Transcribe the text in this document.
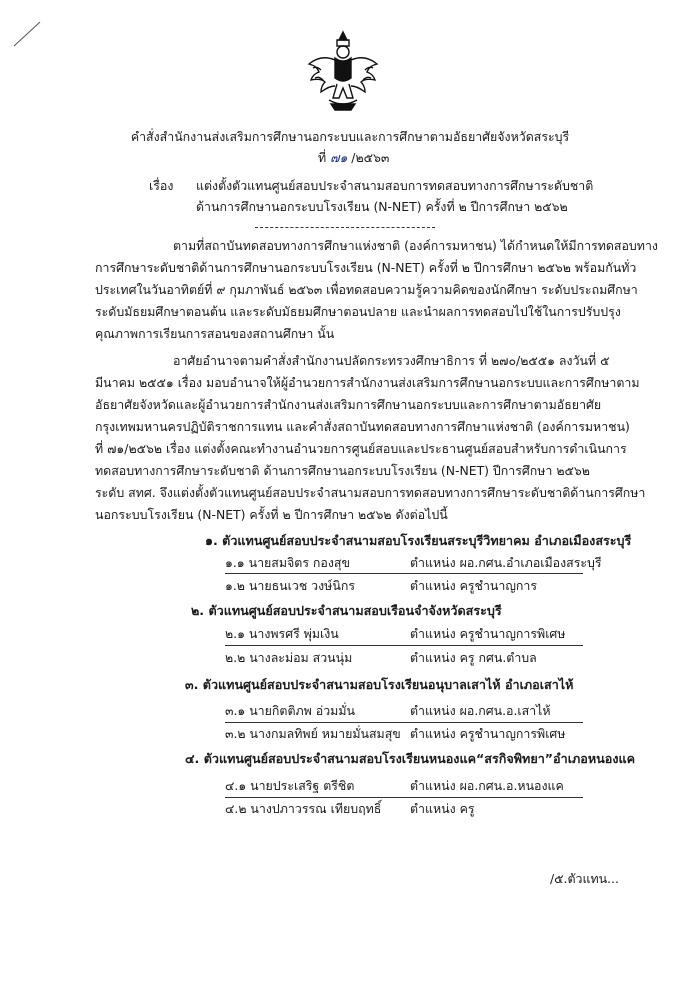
คำสั่งสำนักงานส่งเสริมการศึกษานอกระบบและการศึกษาตามอัธยาศัยจังหวัดสระบุรี
ที่ ๗๑ /๒๕๖๓
เรื่อง แต่งตั้งตัวแทนศูนย์สอบประจำสนามสอบการทดสอบทางการศึกษาระดับชาติ
ด้านการศึกษานอกระบบโรงเรียน (N-NET) ครั้งที่ ๒ ปีการศึกษา ๒๕๖๒
ตามที่สถาบันทดสอบทางการศึกษาแห่งชาติ (องค์การมหาชน) ได้กำหนดให้มีการทดสอบทาง
การศึกษาระดับชาติด้านการศึกษานอกระบบโรงเรียน (N-NET) ครั้งที่ ๒ ปีการศึกษา ๒๕๖๒ พร้อมกันทั่ว
ประเทศในวันอาทิตย์ที่ ๙ กุมภาพันธ์ ๒๕๖๓ เพื่อทดสอบความรู้ความคิดของนักศึกษา ระดับประถมศึกษา
ระดับมัธยมศึกษาตอนต้น และระดับมัธยมศึกษาตอนปลาย และนำผลการทดสอบไปใช้ในการปรับปรุง
คุณภาพการเรียนการสอนของสถานศึกษา นั้น
อาศัยอำนาจตามคำสั่งสำนักงานปลัดกระทรวงศึกษาธิการ ที่ ๒๗๐/๒๕๕๑ ลงวันที่ ๕
มีนาคม ๒๕๕๑ เรื่อง มอบอำนาจให้ผู้อำนวยการสำนักงานส่งเสริมการศึกษานอกระบบและการศึกษาตาม
อัธยาศัยจังหวัดและผู้อำนวยการสำนักงานส่งเสริมการศึกษานอกระบบและการศึกษาตามอัธยาศัย
กรุงเทพมหานครปฏิบัติราชการแทน และคำสั่งสถาบันทดสอบทางการศึกษาแห่งชาติ (องค์การมหาชน)
ที่ ๗๑/๒๕๖๒ เรื่อง แต่งตั้งคณะทำงานอำนวยการศูนย์สอบและประธานศูนย์สอบสำหรับการดำเนินการ
ทดสอบทางการศึกษาระดับชาติ ด้านการศึกษานอกระบบโรงเรียน (N-NET) ปีการศึกษา ๒๕๖๒
ระดับ สทศ. จึงแต่งตั้งตัวแทนศูนย์สอบประจำสนามสอบการทดสอบทางการศึกษาระดับชาติด้านการศึกษา
นอกระบบโรงเรียน (N-NET) ครั้งที่ ๒ ปีการศึกษา ๒๕๖๒ ดังต่อไปนี้
๑. ตัวแทนศูนย์สอบประจำสนามสอบโรงเรียนสระบุรีวิทยาคม อำเภอเมืองสระบุรี
๑.๑ นายสมจิตร กองสุข	ตำแหน่ง ผอ.กศน.อำเภอเมืองสระบุรี
๑.๒ นายธนเวช วงษ์นิกร	ตำแหน่ง ครูชำนาญการ
๒. ตัวแทนศูนย์สอบประจำสนามสอบเรือนจำจังหวัดสระบุรี
๒.๑ นางพรศรี พุ่มเงิน	ตำแหน่ง ครูชำนาญการพิเศษ
๒.๒ นางละม่อม สวนนุ่ม	ตำแหน่ง ครู กศน.ตำบล
๓. ตัวแทนศูนย์สอบประจำสนามสอบโรงเรียนอนุบาลเสาไห้ อำเภอเสาไห้
๓.๑ นายกิตติภพ อ่วมมั่น	ตำแหน่ง ผอ.กศน.อ.เสาไห้
๓.๒ นางกมลทิพย์ หมายมั่นสมสุข ตำแหน่ง ครูชำนาญการพิเศษ
๔. ตัวแทนศูนย์สอบประจำสนามสอบโรงเรียนหนองแค“สรกิจพิทยา”อำเภอหนองแค
๔.๑ นายประเสริฐ ตรีชิต	ตำแหน่ง ผอ.กศน.อ.หนองแค
๔.๒ นางปภาวรรณ เทียบฤทธิ์ ตำแหน่ง ครู
/๕.ตัวแทน...
